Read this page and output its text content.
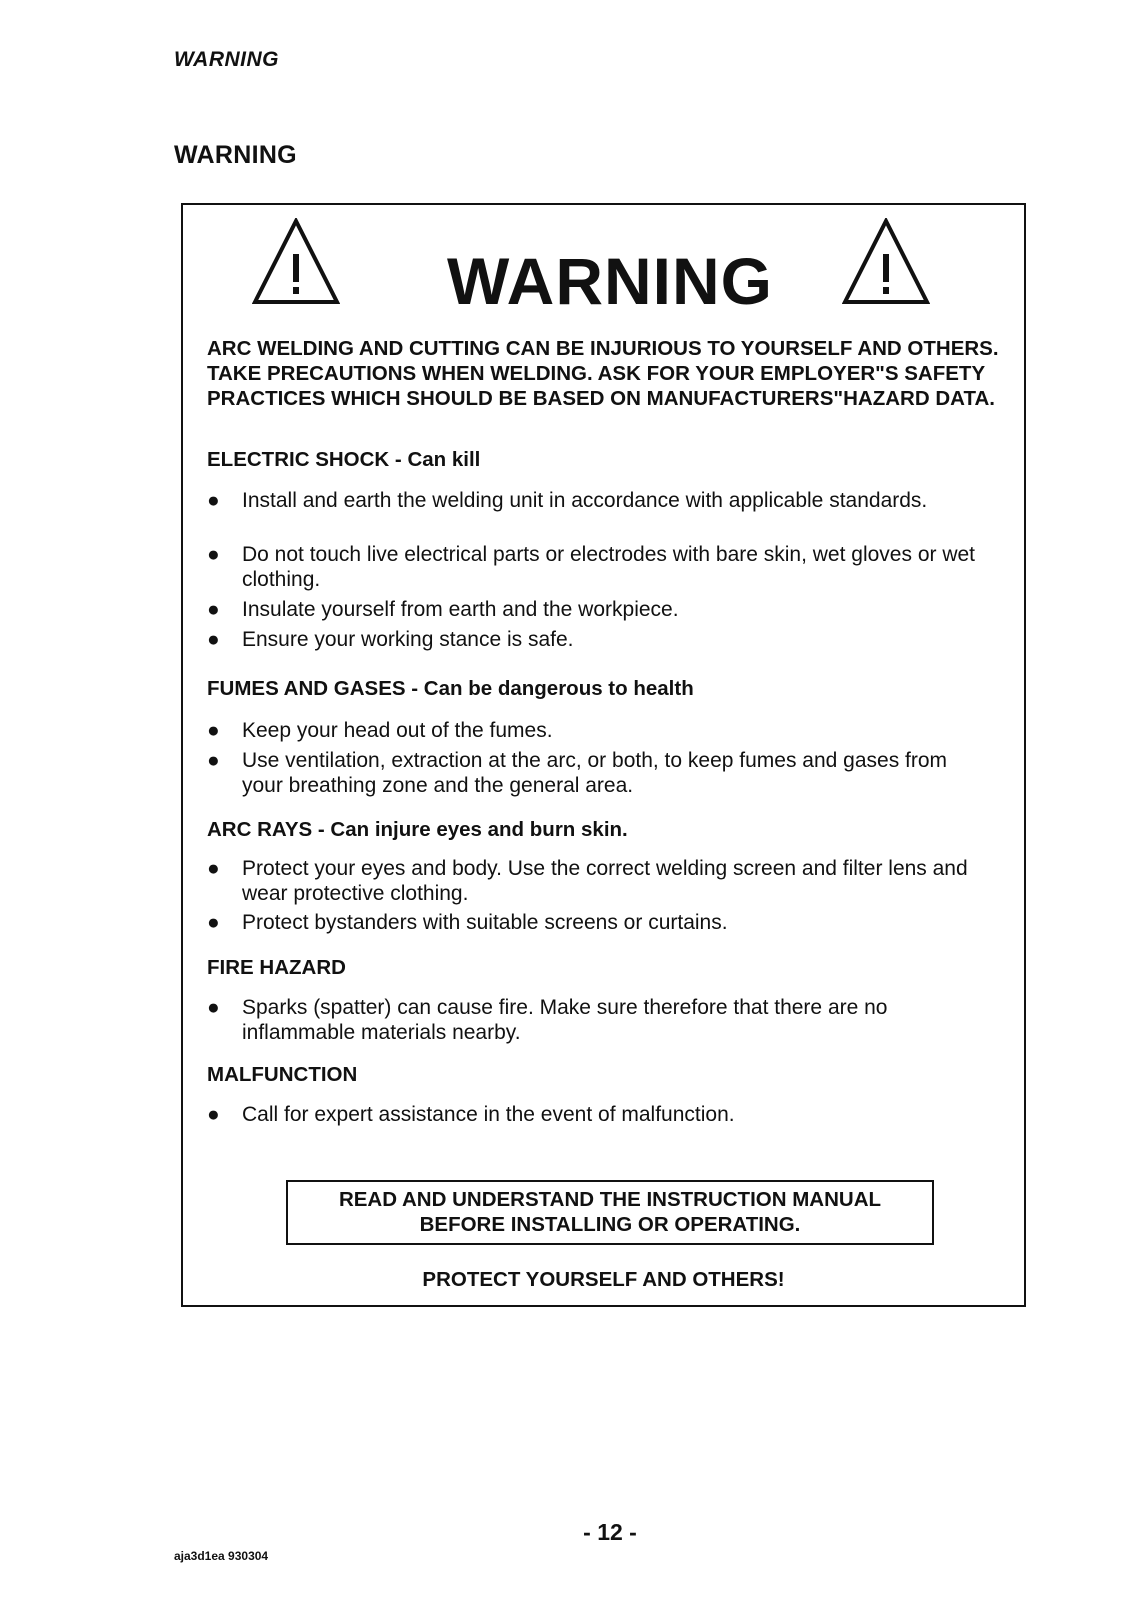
WARNING
WARNING
WARNING
ARC WELDING AND CUTTING CAN BE INJURIOUS TO YOURSELF AND OTHERS. TAKE PRECAUTIONS WHEN WELDING. ASK FOR YOUR EMPLOYER"S SAFETY PRACTICES WHICH SHOULD BE BASED ON MANUFACTURERS"HAZARD DATA.
ELECTRIC SHOCK - Can kill
●	Install and earth the welding unit in accordance with applicable standards.
●	Do not touch live electrical parts or electrodes with bare skin, wet gloves or wet clothing.
●	Insulate yourself from earth and the workpiece.
●	Ensure your working stance is safe.
FUMES AND GASES - Can be dangerous to health
●	Keep your head out of the fumes.
●	Use ventilation, extraction at the arc, or both, to keep fumes and gases from your breathing zone and the general area.
ARC RAYS - Can injure eyes and burn skin.
●	Protect your eyes and body. Use the correct welding screen and filter lens and wear protective clothing.
●	Protect bystanders with suitable screens or curtains.
FIRE HAZARD
●	Sparks (spatter) can cause fire. Make sure therefore that there are no inflammable materials nearby.
MALFUNCTION
●	Call for expert assistance in the event of malfunction.
READ AND UNDERSTAND THE INSTRUCTION MANUAL
BEFORE INSTALLING OR OPERATING.
PROTECT YOURSELF AND OTHERS!
- 12 -
aja3d1ea 930304
